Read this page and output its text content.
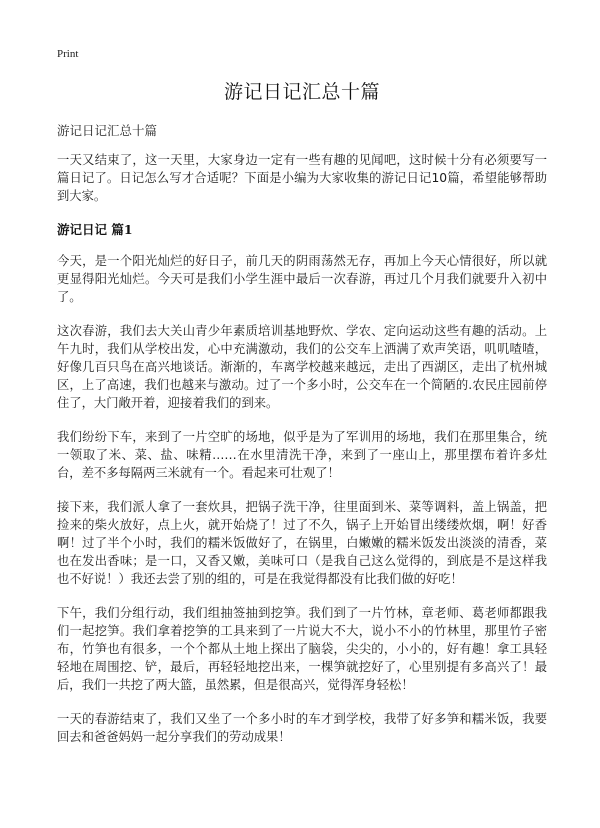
Print

游记日记汇总十篇

游记日记汇总十篇

一天又结束了，这一天里，大家身边一定有一些有趣的见闻吧，这时候十分有必须要写一篇日记了。日记怎么写才合适呢？下面是小编为大家收集的游记日记10篇，希望能够帮助到大家。

游记日记 篇1

今天，是一个阳光灿烂的好日子，前几天的阴雨荡然无存，再加上今天心情很好，所以就更显得阳光灿烂。今天可是我们小学生涯中最后一次春游，再过几个月我们就要升入初中了。

这次春游，我们去大关山青少年素质培训基地野炊、学农、定向运动这些有趣的活动。上午九时，我们从学校出发，心中充满激动，我们的公交车上洒满了欢声笑语，叽叽喳喳，好像几百只鸟在高兴地谈话。渐渐的，车离学校越来越远，走出了西湖区，走出了杭州城区，上了高速，我们也越来与激动。过了一个多小时，公交车在一个简陋的.农民庄园前停住了，大门敞开着，迎接着我们的到来。

我们纷纷下车，来到了一片空旷的场地，似乎是为了军训用的场地，我们在那里集合，统一领取了米、菜、盐、味精……在水里清洗干净，来到了一座山上，那里摆布着许多灶台，差不多每隔两三米就有一个。看起来可壮观了！

接下来，我们派人拿了一套炊具，把锅子洗干净，往里面到米、菜等调料，盖上锅盖，把捡来的柴火放好，点上火，就开始烧了！过了不久，锅子上开始冒出缕缕炊烟，啊！好香啊！过了半个小时，我们的糯米饭做好了，在锅里，白嫩嫩的糯米饭发出淡淡的清香，菜也在发出香味；是一口，又香又嫩，美味可口（是我自己这么觉得的，到底是不是这样我也不好说！）我还去尝了别的组的，可是在我觉得都没有比我们做的好吃！

下午，我们分组行动，我们组抽签抽到挖笋。我们到了一片竹林，章老师、葛老师都跟我们一起挖笋。我们拿着挖笋的工具来到了一片说大不大，说小不小的竹林里，那里竹子密布，竹笋也有很多，一个个都从土地上探出了脑袋，尖尖的，小小的，好有趣！拿工具轻轻地在周围挖、铲，最后，再轻轻地挖出来，一棵笋就挖好了，心里别提有多高兴了！最后，我们一共挖了两大篮，虽然累，但是很高兴，觉得浑身轻松！

一天的春游结束了，我们又坐了一个多小时的车才到学校，我带了好多笋和糯米饭，我要回去和爸爸妈妈一起分享我们的劳动成果！
